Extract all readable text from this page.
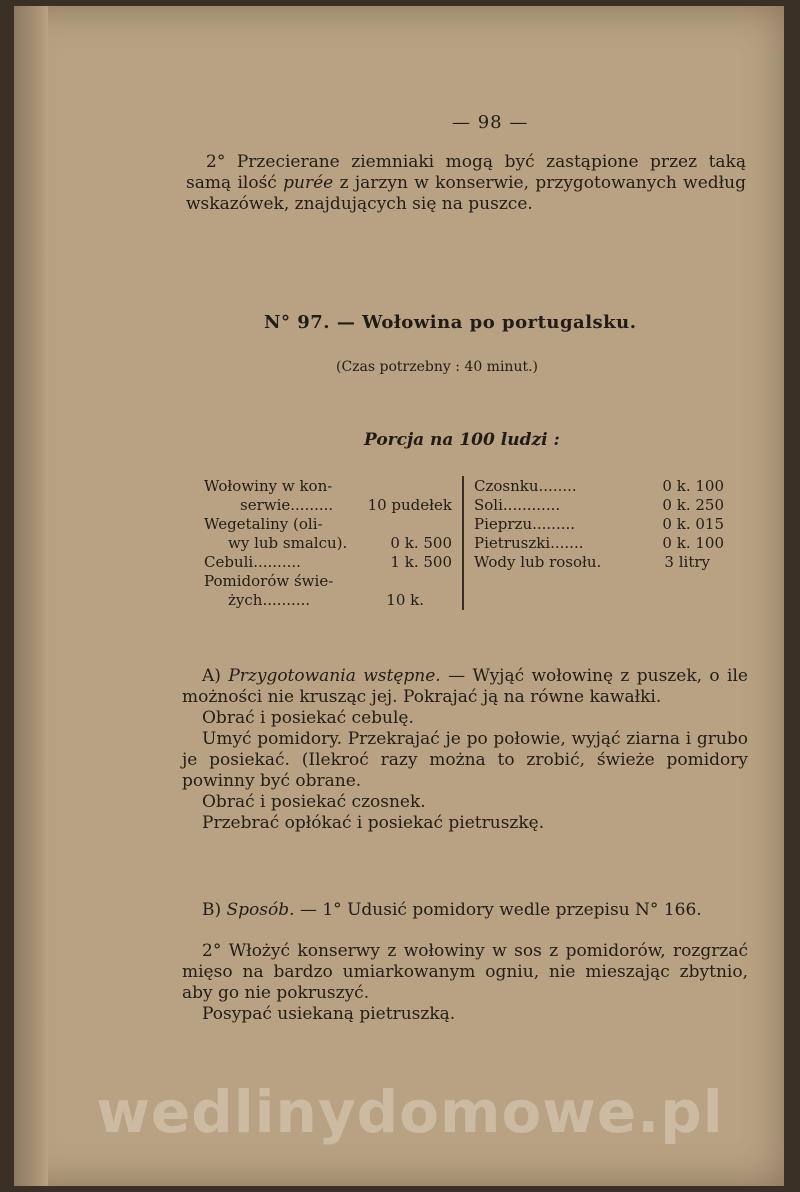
— 98 —
2° Przecierane ziemniaki mogą być zastąpione przez taką samą ilość purée z jarzyn w konserwie, przygotowanych według wskazówek, znajdujących się na puszce.
N° 97. — Wołowina po portugalsku.
(Czas potrzebny : 40 minut.)
Porcja na 100 ludzi :
Wołowiny w kon-
serwie......... 10 pudełek
Wegetaliny (oli-
wy lub smalcu).	0 k. 500
Cebuli..........	1 k. 500
Pomidorów świe-
żych..........	10 k.
Czosnku........	0 k. 100
Soli............	0 k. 250
Pieprzu.........	0 k. 015
Pietruszki.......	0 k. 100
Wody lub rosołu.	3 litry
A) Przygotowania wstępne. — Wyjąć wołowinę z puszek, o ile możności nie krusząc jej. Pokrajać ją na równe kawałki.
Obrać i posiekać cebulę.
Umyć pomidory. Przekrajać je po połowie, wyjąć ziarna i grubo je posiekać. (Ilekroć razy można to zrobić, świeże pomidory powinny być obrane.
Obrać i posiekać czosnek.
Przebrać opłókać i posiekać pietruszkę.
B) Sposób. — 1° Udusić pomidory wedle przepisu N° 166.
2° Włożyć konserwy z wołowiny w sos z pomidorów, rozgrzać mięso na bardzo umiarkowanym ogniu, nie mieszając zbytnio, aby go nie pokruszyć.
Posypać usiekaną pietruszką.
wedlinydomowe.pl
